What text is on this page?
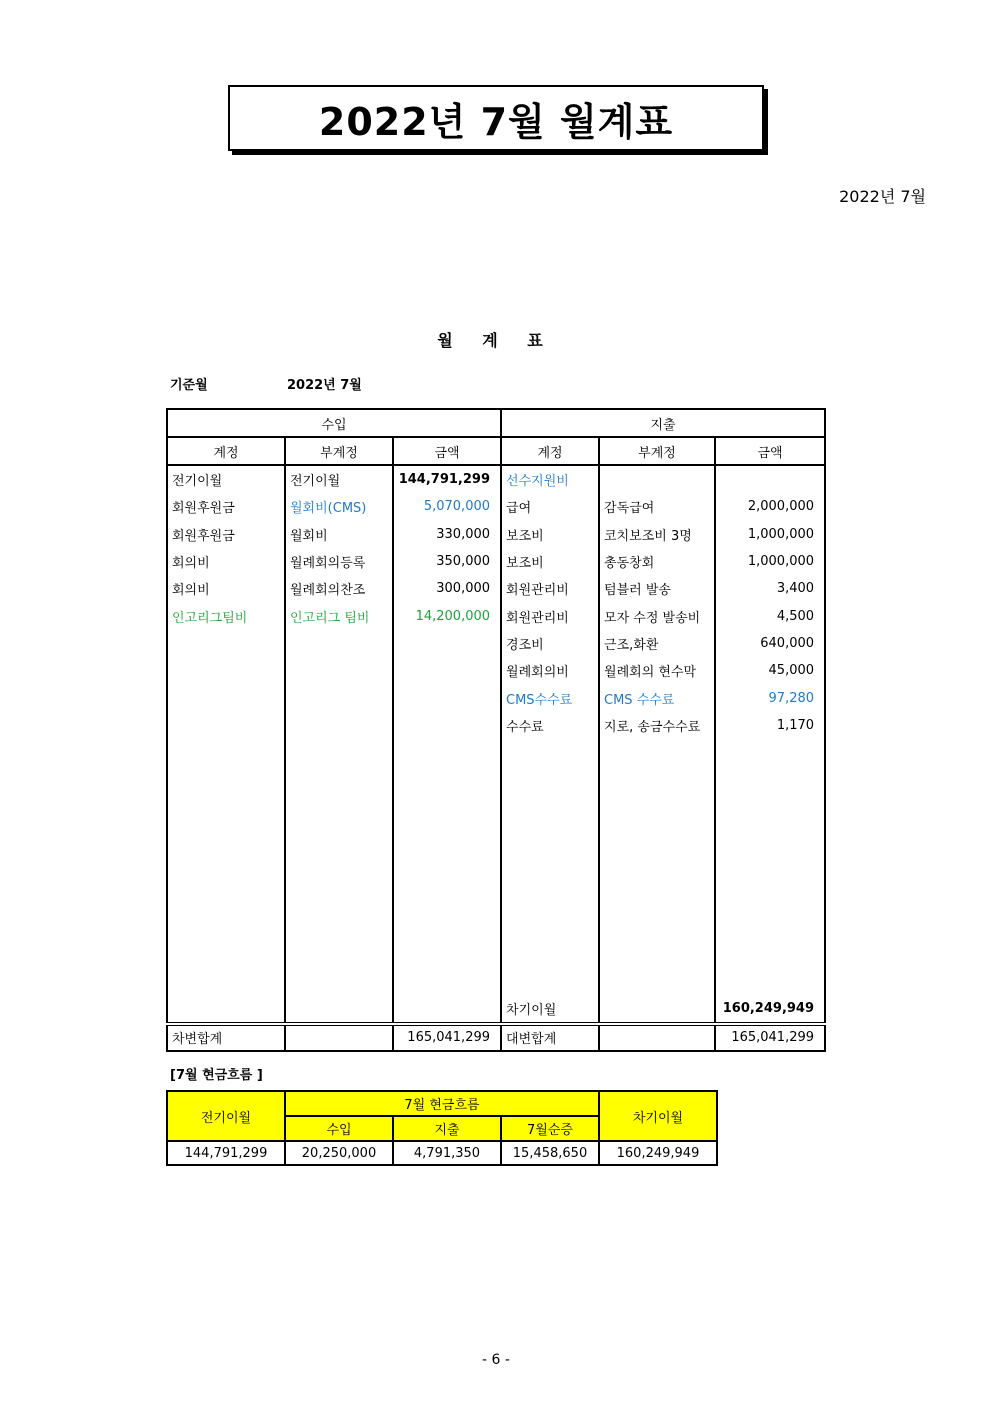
2022년 7월 월계표
2022년 7월
월 계 표
기준월	2022년 7월
수입			지출		
계정	부계정	금액	계정	부계정	금액
전기이월	전기이월	144,791,299	선수지원비		
회원후원금	월회비(CMS)	5,070,000	급여	감독급여	2,000,000
회원후원금	월회비	330,000	보조비	코치보조비 3명	1,000,000
회의비	월례회의등록	350,000	보조비	총동창회	1,000,000
회의비	월례회의찬조	300,000	회원관리비	텀블러 발송	3,400
인고리그팀비	인고리그 팀비	14,200,000	회원관리비	모자 수정 발송비	4,500
			경조비	근조,화환	640,000
			월례회의비	월례회의 현수막	45,000
			CMS수수료	CMS 수수료	97,280
			수수료	지로, 송금수수료	1,170

			차기이월		160,249,949
차변합계		165,041,299	대변합계		165,041,299
[7월 현금흐름 ]
전기이월	7월 현금흐름			차기이월
	수입	지출	7월순증	
144,791,299	20,250,000	4,791,350	15,458,650	160,249,949
- 6 -
